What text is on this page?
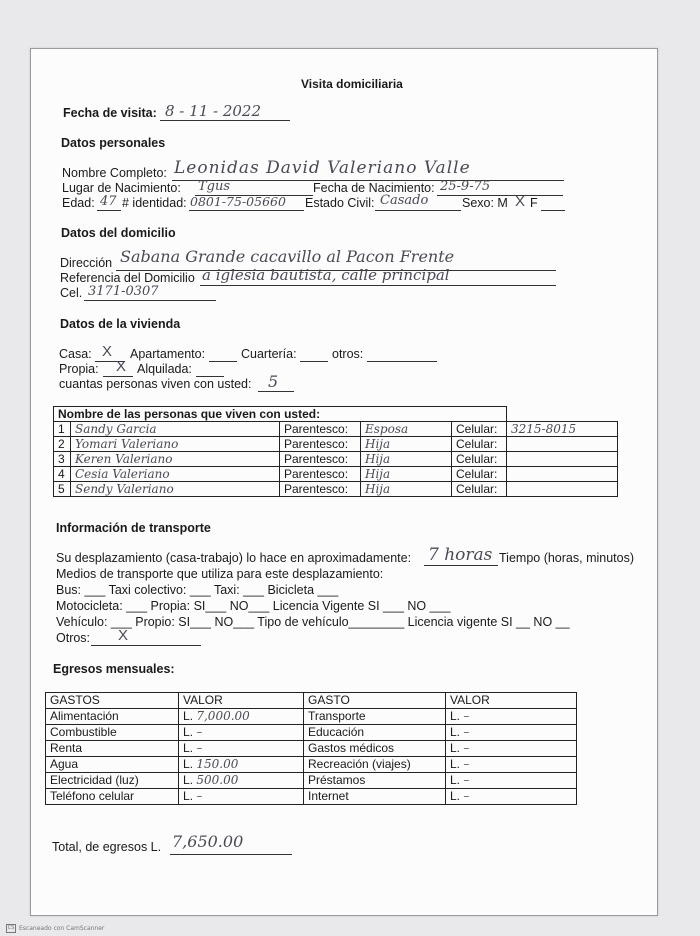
Visita domiciliaria
Fecha de visita: 8 - 11 - 2022
Datos personales
Nombre Completo: Leonidas David Valeriano Valle
Lugar de Nacimiento: Tgus	Fecha de Nacimiento: 25-9-75
Edad: 47 # identidad: 0801-75-05660 Estado Civil: Casado	Sexo: M X F
Datos del domicilio
Dirección Sabana Grande cacavillo al Pacon Frente
Referencia del Domicilio a iglesia bautista, calle principal
Cel. 3171-0307
Datos de la vivienda
Casa: X Apartamento:	Cuartería:	otros:
Propia: X Alquilada:
cuantas personas viven con usted: 5
Nombre de las personas que viven con usted:					
1	Sandy Garcia	Parentesco:	Esposa	Celular:	3215-8015
2	Yomari Valeriano	Parentesco:	Hija	Celular:	
3	Keren Valeriano	Parentesco:	Hija	Celular:	
4	Cesia Valeriano	Parentesco:	Hija	Celular:	
5	Sendy Valeriano	Parentesco:	Hija	Celular:	
Información de transporte
Su desplazamiento (casa-trabajo) lo hace en aproximadamente: 7 horas Tiempo (horas, minutos)
Medios de transporte que utiliza para este desplazamiento:
Bus: ___ Taxi colectivo: ___ Taxi: ___ Bicicleta ___
Motocicleta: ___ Propia: SI___ NO___ Licencia Vigente SI ___ NO ___
Vehículo: ___ Propio: SI___ NO___ Tipo de vehículo________ Licencia vigente SI __ NO __
Otros: X
Egresos mensuales:
GASTOS	VALOR	GASTO	VALOR
Alimentación	L. 7,000.00	Transporte	L. –
Combustible	L. –	Educación	L. –
Renta	L. –	Gastos médicos	L. –
Agua	L. 150.00	Recreación (viajes)	L. –
Electricidad (luz)	L. 500.00	Préstamos	L. –
Teléfono celular	L. –	Internet	L. –
Total, de egresos L. 7,650.00
CS Escaneado con CamScanner
